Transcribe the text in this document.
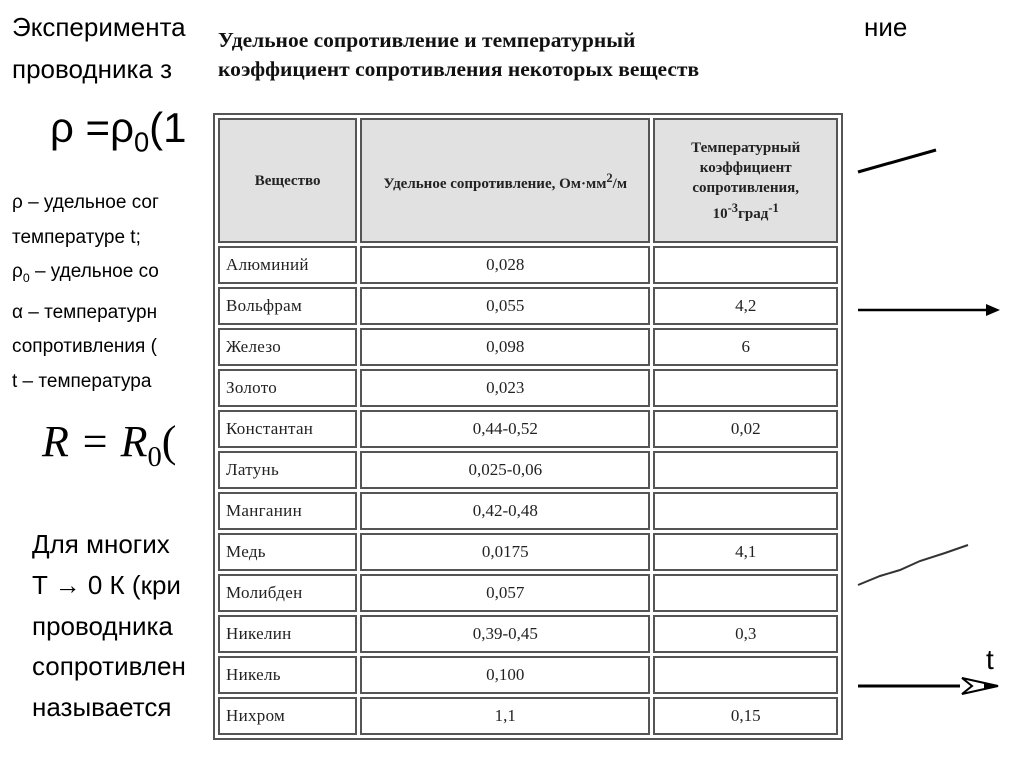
Эксперимента	ние
проводника з
$\rho =\rho_0(1$
ρ – удельное сог
температуре t;
$\rho_0$ – удельное со
α – температурн
сопротивления (
t – температура
$R = R_0$(
Для многих
T → 0 К (кри
проводника
сопротивлен
называется
t
Удельное сопротивление и температурный
коэффициент сопротивления некоторых веществ
Вещество	Удельное сопротивление, $Ом\cdot мм^2/м$	Температурный
коэффициент
сопротивления,
$10^{-3}град^{-1}$

Алюминий	0,028	
Вольфрам	0,055	4,2
Железо	0,098	6
Золото	0,023	
Константан	0,44-0,52	0,02
Латунь	0,025-0,06	
Манганин	0,42-0,48	
Медь	0,0175	4,1
Молибден	0,057	
Никелин	0,39-0,45	0,3
Никель	0,100	
Нихром	1,1	0,15
